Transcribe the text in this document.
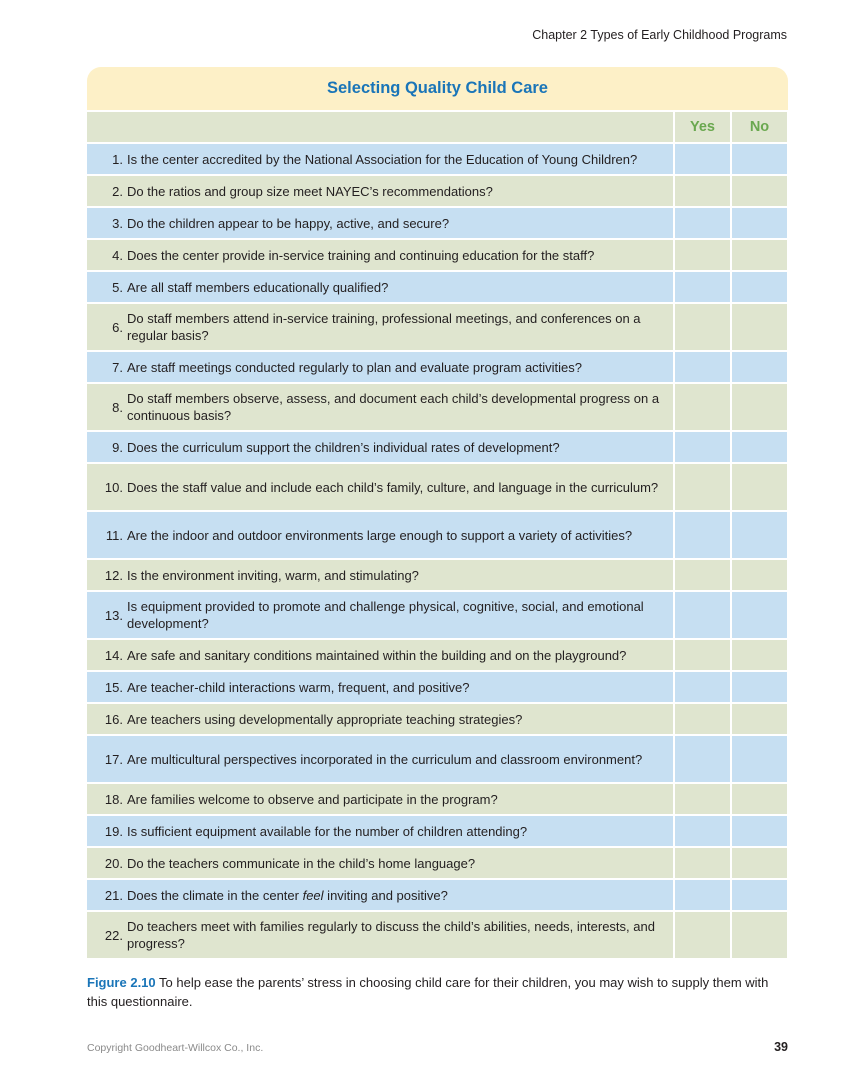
Chapter 2 Types of Early Childhood Programs
Selecting Quality Child Care
Yes	No
1. Is the center accredited by the National Association for the Education of Young Children?
2. Do the ratios and group size meet NAYEC’s recommendations?
3. Do the children appear to be happy, active, and secure?
4. Does the center provide in-service training and continuing education for the staff?
5. Are all staff members educationally qualified?
6.
Do staff members attend in-service training, professional meetings, and conferences on a regular basis?
7. Are staff meetings conducted regularly to plan and evaluate program activities?
8.
Do staff members observe, assess, and document each child’s developmental progress on a continuous basis?
9. Does the curriculum support the children’s individual rates of development?
10. Does the staff value and include each child’s family, culture, and language in the curriculum?
11. Are the indoor and outdoor environments large enough to support a variety of activities?
12. Is the environment inviting, warm, and stimulating?
13.
Is equipment provided to promote and challenge physical, cognitive, social, and emotional development?
14. Are safe and sanitary conditions maintained within the building and on the playground?
15. Are teacher-child interactions warm, frequent, and positive?
16. Are teachers using developmentally appropriate teaching strategies?
17. Are multicultural perspectives incorporated in the curriculum and classroom environment?
18. Are families welcome to observe and participate in the program?
19. Is sufficient equipment available for the number of children attending?
20. Do the teachers communicate in the child’s home language?
21. Does the climate in the center feel inviting and positive?
22.
Do teachers meet with families regularly to discuss the child’s abilities, needs, interests, and progress?
Figure 2.10 To help ease the parents’ stress in choosing child care for their children, you may wish to supply them with this questionnaire.
Copyright Goodheart-Willcox Co., Inc.	39
